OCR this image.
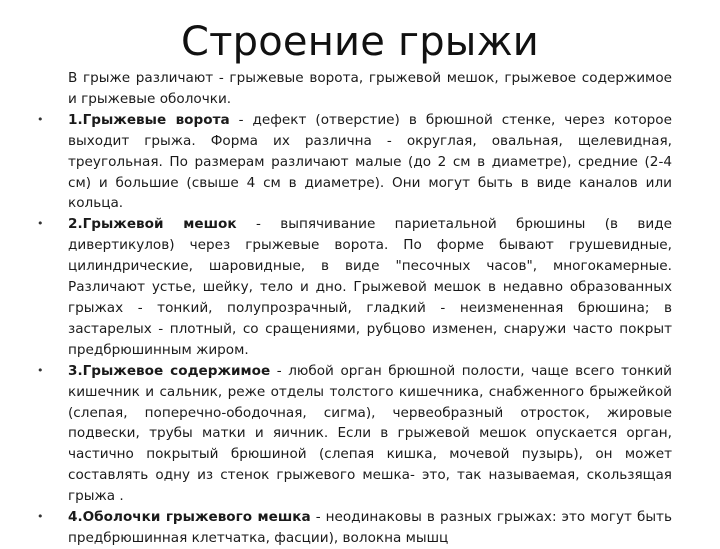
Строение грыжи

В грыже различают - грыжевые ворота, грыжевой мешок, грыжевое содержимое и грыжевые оболочки.

• 1.Грыжевые ворота - дефект (отверстие) в брюшной стенке, через которое выходит грыжа. Форма их различна - округлая, овальная, щелевидная, треугольная. По размерам различают малые (до 2 см в диаметре), средние (2-4 см) и большие (свыше 4 см в диаметре). Они могут быть в виде каналов или кольца.

• 2.Грыжевой мешок - выпячивание париетальной брюшины (в виде дивертикулов) через грыжевые ворота. По форме бывают грушевидные, цилиндрические, шаровидные, в виде "песочных часов", многокамерные. Различают устье, шейку, тело и дно. Грыжевой мешок в недавно образованных грыжах - тонкий, полупрозрачный, гладкий - неизмененная брюшина; в застарелых - плотный, со сращениями, рубцово изменен, снаружи часто покрыт предбрюшинным жиром.

• 3.Грыжевое содержимое - любой орган брюшной полости, чаще всего тонкий кишечник и сальник, реже отделы толстого кишечника, снабженного брыжейкой (слепая, поперечно-ободочная, сигма), червеобразный отросток, жировые подвески, трубы матки и яичник. Если в грыжевой мешок опускается орган, частично покрытый брюшиной (слепая кишка, мочевой пузырь), он может составлять одну из стенок грыжевого мешка- это, так называемая, скользящая грыжа .

• 4.Оболочки грыжевого мешка - неодинаковы в разных грыжах: это могут быть предбрюшинная клетчатка, фасции), волокна мышц
